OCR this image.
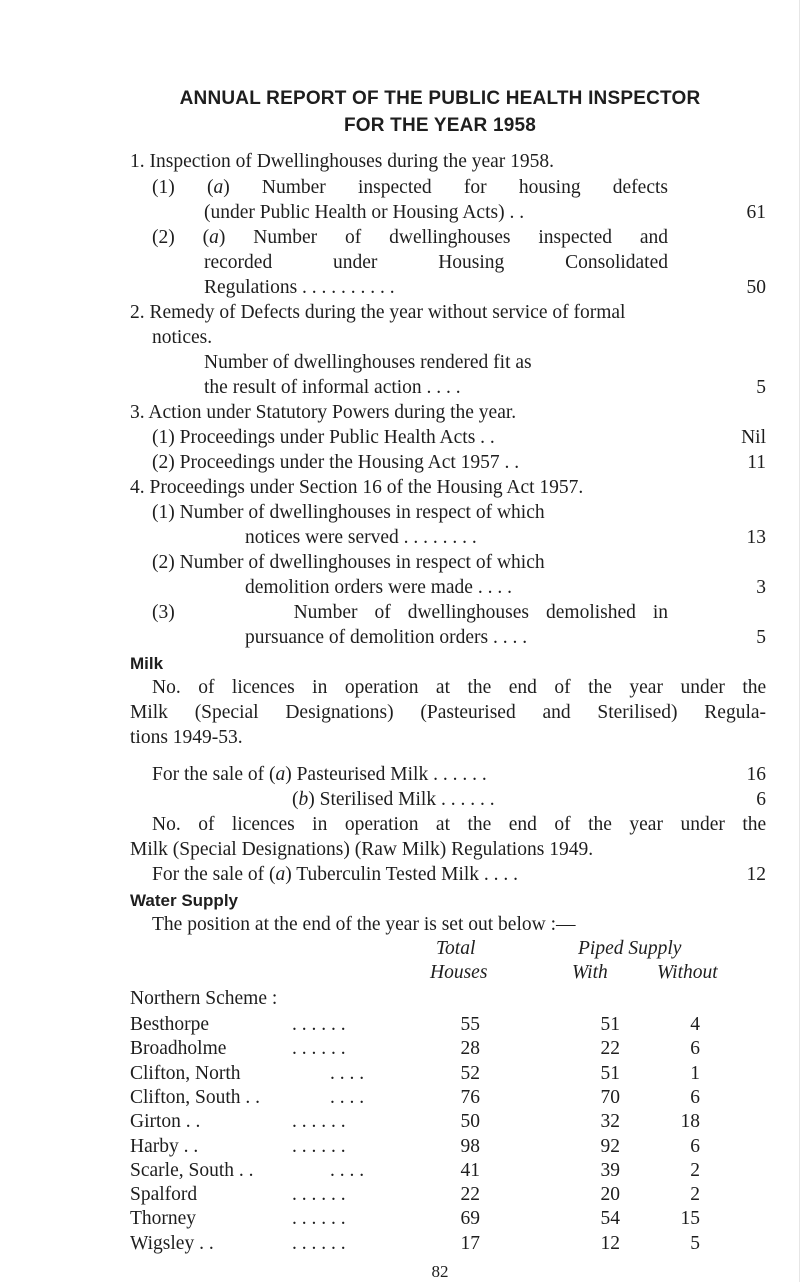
ANNUAL REPORT OF THE PUBLIC HEALTH INSPECTOR
FOR THE YEAR 1958
1. Inspection of Dwellinghouses during the year 1958.
(1) (a) Number inspected for housing defects
(under Public Health or Housing Acts) . .	61
(2) (a) Number of dwellinghouses inspected and
recorded	under	Housing	Consolidated
Regulations . . . . . . . . . .	50
2. Remedy of Defects during the year without service of formal
notices.
Number of dwellinghouses rendered fit as
the result of informal action . . . .	5
3. Action under Statutory Powers during the year.
(1) Proceedings under Public Health Acts . .	Nil
(2) Proceedings under the Housing Act 1957 . .	11
4. Proceedings under Section 16 of the Housing Act 1957.
(1) Number of dwellinghouses in respect of which
notices were served . . . . . . . .	13
(2) Number of dwellinghouses in respect of which
demolition orders were made . . . .	3
(3)	Number of dwellinghouses demolished in
pursuance of demolition orders . . . .	5
Milk
No. of licences in operation at the end of the year under the
Milk (Special Designations) (Pasteurised and Sterilised) Regula-
tions 1949-53.
For the sale of (a) Pasteurised Milk . . . . . .	16
(b) Sterilised Milk . . . . . .	6
No. of licences in operation at the end of the year under the
Milk (Special Designations) (Raw Milk) Regulations 1949.
For the sale of (a) Tuberculin Tested Milk . . . .	12
Water Supply
The position at the end of the year is set out below :—
Total
Houses
Piped Supply
With	Without
Northern Scheme :
Besthorpe	. . . . . .	55	51	4
Broadholme	. . . . . .	28	22	6
Clifton, North	. . . .	52	51	1
Clifton, South . .	. . . .	76	70	6
Girton . .	. . . . . .	50	32	18
Harby . .	. . . . . .	98	92	6
Scarle, South . .	. . . .	41	39	2
Spalford	. . . . . .	22	20	2
Thorney	. . . . . .	69	54	15
Wigsley . .	. . . . . .	17	12	5
82
